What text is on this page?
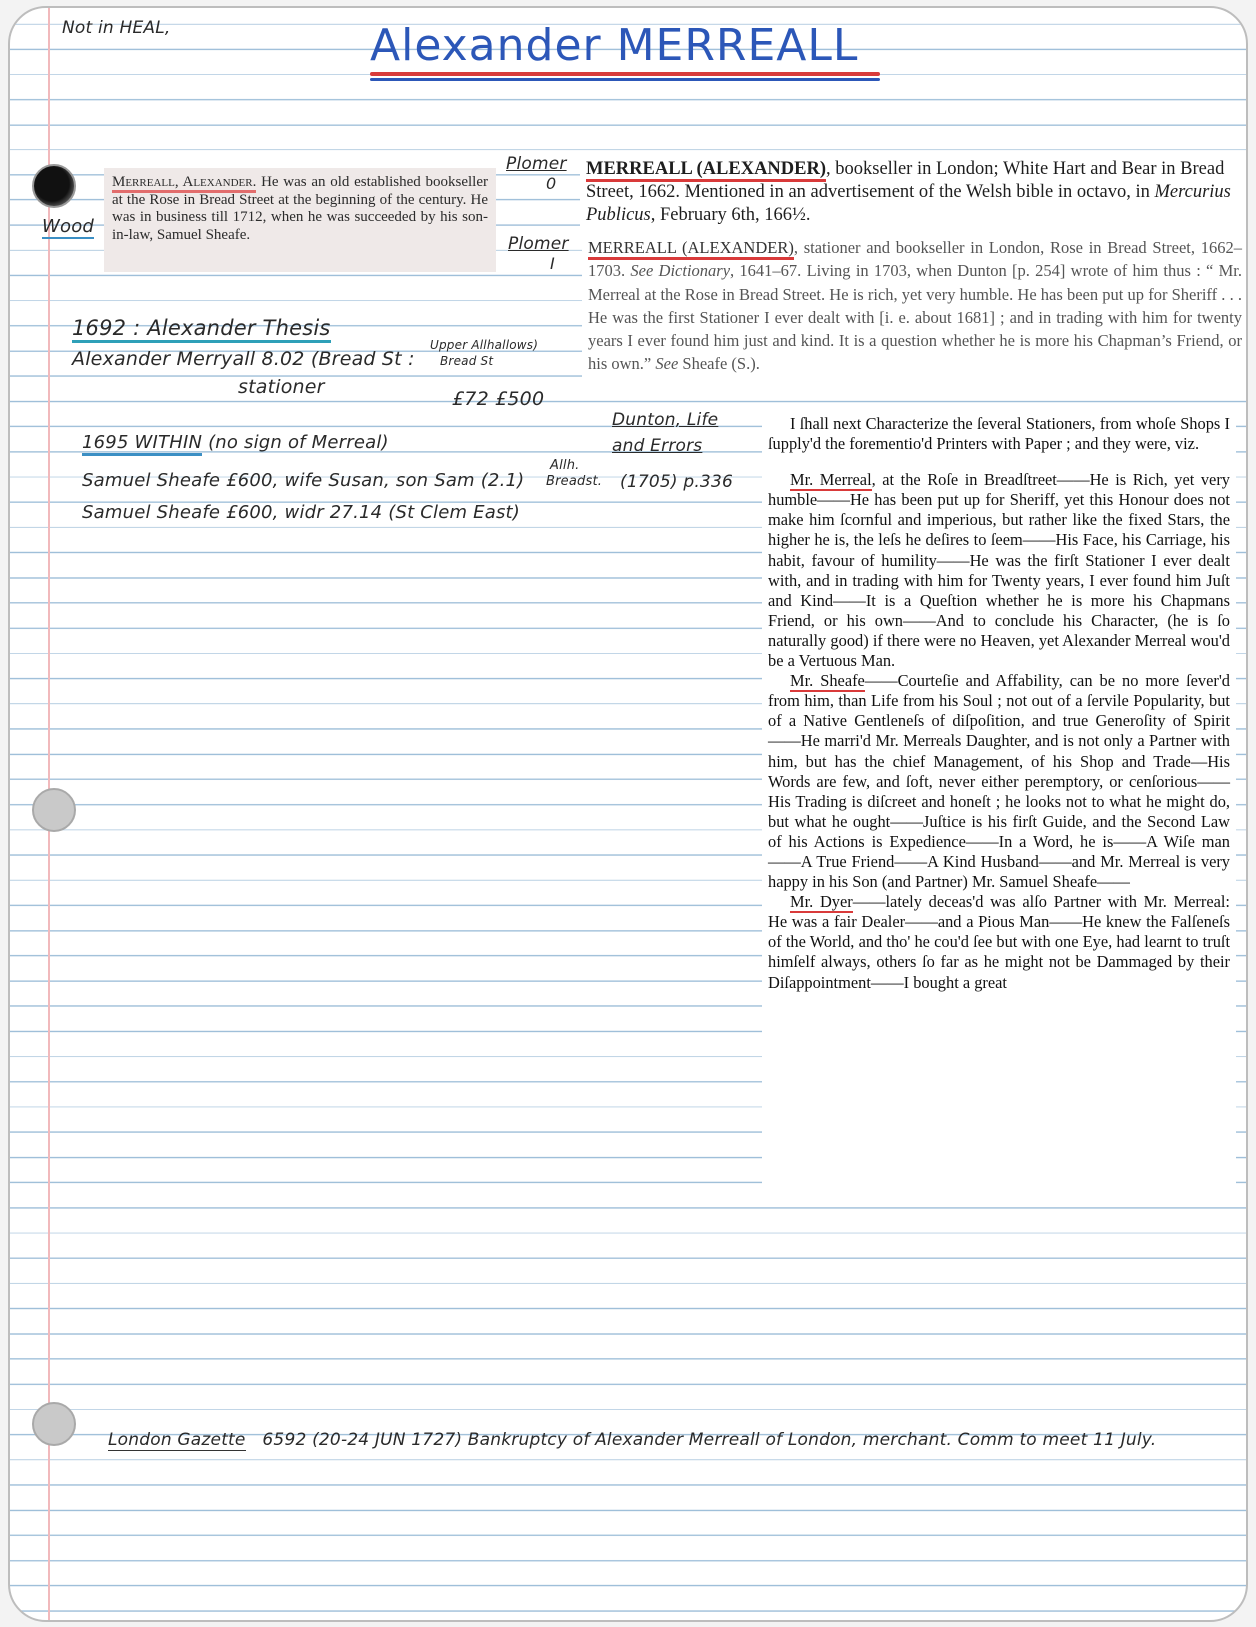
Not in HEAL,	Alexander MERREALL
Wood
Plomer
0
Plomer
I
Dunton, Life
and Errors

Merreall, Alexander. He was an old established bookseller at the Rose in Bread Street at the beginning of the century. He was in business till 1712, when he was succeeded by his son-in-law, Samuel Sheafe.

MERREALL (ALEXANDER), bookseller in London; White Hart and Bear in Bread Street, 1662. Mentioned in an advertisement of the Welsh bible in octavo, in Mercurius Publicus, February 6th, 166½.

MERREALL (ALEXANDER), stationer and bookseller in London, Rose in Bread Street, 1662–1703. See Dictionary, 1641–67. Living in 1703, when Dunton [p. 254] wrote of him thus : “ Mr. Merreal at the Rose in Bread Street. He is rich, yet very humble. He has been put up for Sheriff . . . He was the first Stationer I ever dealt with [i. e. about 1681] ; and in trading with him for twenty years I ever found him just and kind. It is a question whether he is more his Chapman’s Friend, or his own.” See Sheafe (S.).

1692 : Alexander Thesis
Alexander Merryall 8.02 (Bread St :
Upper Allhallows)
Bread St
stationer
£72 £500
1695 WITHIN (no sign of Merreal)
Samuel Sheafe £600, wife Susan, son Sam (2.1)
Allh.
Breadst. (1705) p.336
Samuel Sheafe £600, widr 27.14 (St Clem East)

I ſhall next Characterize the ſeveral Stationers, from whoſe Shops I ſupply'd the forementio'd Printers with Paper ; and they were, viz.

Mr. Merreal, at the Roſe in Breadſtreet——He is Rich, yet very humble——He has been put up for Sheriff, yet this Honour does not make him ſcornful and imperious, but rather like the fixed Stars, the higher he is, the leſs he deſires to ſeem——His Face, his Carriage, his habit, favour of humility——He was the firſt Stationer I ever dealt with, and in trading with him for Twenty years, I ever found him Juſt and Kind——It is a Queſtion whether he is more his Chapmans Friend, or his own——And to conclude his Character, (he is ſo naturally good) if there were no Heaven, yet Alexander Merreal wou'd be a Vertuous Man.

Mr. Sheafe——Courteſie and Affability, can be no more ſever'd from him, than Life from his Soul ; not out of a ſervile Popularity, but of a Native Gentleneſs of diſpoſition, and true Generoſity of Spirit——He marri'd Mr. Merreals Daughter, and is not only a Partner with him, but has the chief Management, of his Shop and Trade—His Words are few, and ſoft, never either peremptory, or cenſorious——His Trading is diſcreet and honeſt ; he looks not to what he might do, but what he ought——Juſtice is his firſt Guide, and the Second Law of his Actions is Expedience——In a Word, he is——A Wiſe man——A True Friend——A Kind Husband——and Mr. Merreal is very happy in his Son (and Partner) Mr. Samuel Sheafe——

Mr. Dyer——lately deceas'd was alſo Partner with Mr. Merreal: He was a fair Dealer——and a Pious Man——He knew the Falſeneſs of the World, and tho' he cou'd ſee but with one Eye, had learnt to truſt himſelf always, others ſo far as he might not be Dammaged by their Diſappointment——I bought a great

London Gazette 6592 (20-24 JUN 1727) Bankruptcy of Alexander Merreall of London, merchant. Comm to meet 11 July.
